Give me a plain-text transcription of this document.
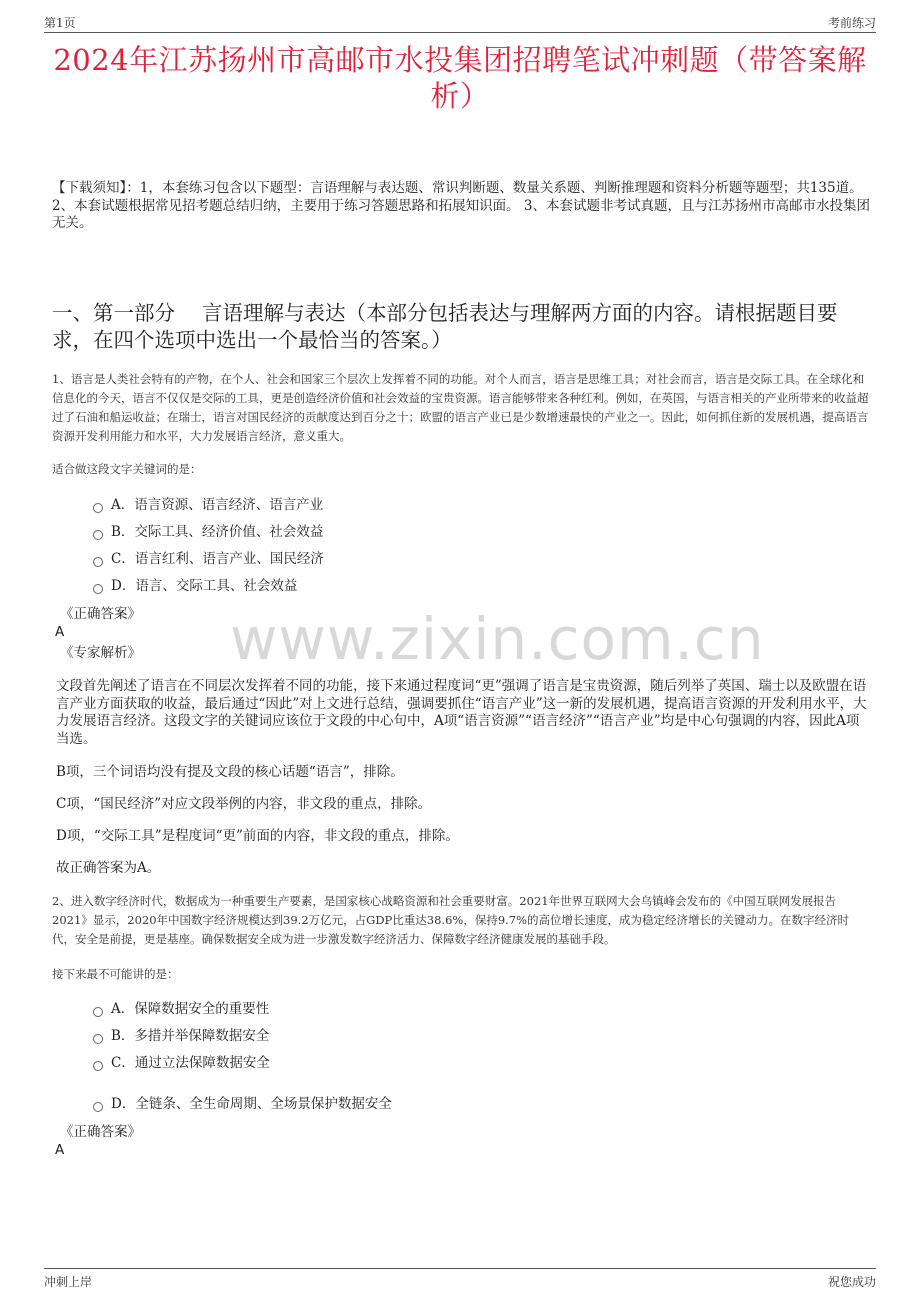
第1页	考前练习
2024年江苏扬州市高邮市水投集团招聘笔试冲刺题（带答案解析）
【下载须知】：1，本套练习包含以下题型：言语理解与表达题、常识判断题、数量关系题、判断推理题和资料分析题等题型；共135道。 2、本套试题根据常见招考题总结归纳，主要用于练习答题思路和拓展知识面。 3、本套试题非考试真题，且与江苏扬州市高邮市水投集团无关。
一、第一部分　 言语理解与表达（本部分包括表达与理解两方面的内容。请根据题目要求，在四个选项中选出一个最恰当的答案。）
www.zixin.com.cn
1、语言是人类社会特有的产物，在个人、社会和国家三个层次上发挥着不同的功能。对个人而言，语言是思维工具；对社会而言，语言是交际工具。在全球化和信息化的今天，语言不仅仅是交际的工具，更是创造经济价值和社会效益的宝贵资源。语言能够带来各种红利。例如，在英国，与语言相关的产业所带来的收益超过了石油和船运收益；在瑞士，语言对国民经济的贡献度达到百分之十；欧盟的语言产业已是少数增速最快的产业之一。因此，如何抓住新的发展机遇，提高语言资源开发利用能力和水平，大力发展语言经济，意义重大。
适合做这段文字关键词的是：
A．语言资源、语言经济、语言产业
B．交际工具、经济价值、社会效益
C．语言红利、语言产业、国民经济
D．语言、交际工具、社会效益
《正确答案》
A
《专家解析》
文段首先阐述了语言在不同层次发挥着不同的功能，接下来通过程度词“更”强调了语言是宝贵资源，随后列举了英国、瑞士以及欧盟在语言产业方面获取的收益，最后通过“因此”对上文进行总结，强调要抓住“语言产业”这一新的发展机遇，提高语言资源的开发利用水平，大力发展语言经济。这段文字的关键词应该位于文段的中心句中，A项“语言资源”“语言经济”“语言产业”均是中心句强调的内容，因此A项当选。
B项，三个词语均没有提及文段的核心话题“语言”，排除。
C项，“国民经济”对应文段举例的内容，非文段的重点，排除。
D项，“交际工具”是程度词“更”前面的内容，非文段的重点，排除。
故正确答案为A。
2、进入数字经济时代，数据成为一种重要生产要素，是国家核心战略资源和社会重要财富。2021年世界互联网大会乌镇峰会发布的《中国互联网发展报告2021》显示，2020年中国数字经济规模达到39.2万亿元，占GDP比重达38.6%，保持9.7%的高位增长速度，成为稳定经济增长的关键动力。在数字经济时代，安全是前提，更是基座。确保数据安全成为进一步激发数字经济活力、保障数字经济健康发展的基础手段。
接下来最不可能讲的是：
A．保障数据安全的重要性
B．多措并举保障数据安全
C．通过立法保障数据安全
D．全链条、全生命周期、全场景保护数据安全
《正确答案》
A
冲刺上岸	祝您成功
